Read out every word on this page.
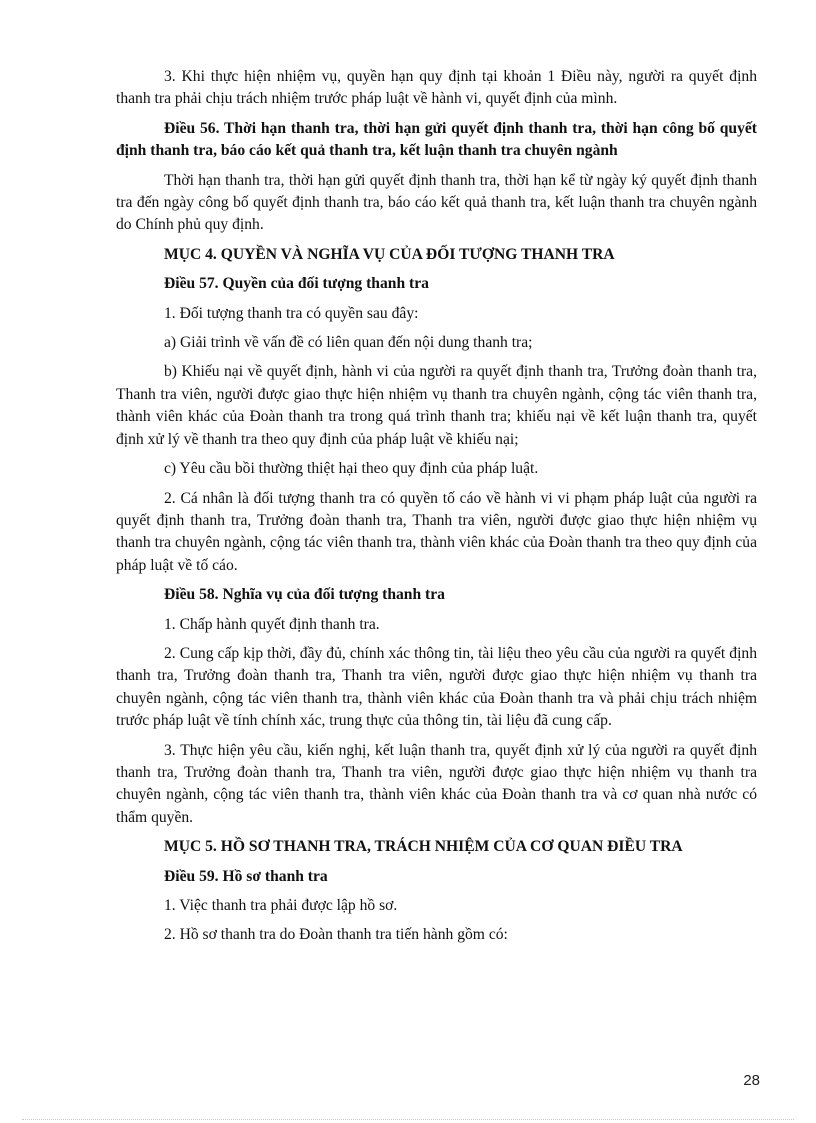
3. Khi thực hiện nhiệm vụ, quyền hạn quy định tại khoản 1 Điều này, người ra quyết định thanh tra phải chịu trách nhiệm trước pháp luật về hành vi, quyết định của mình.

Điều 56. Thời hạn thanh tra, thời hạn gửi quyết định thanh tra, thời hạn công bố quyết định thanh tra, báo cáo kết quả thanh tra, kết luận thanh tra chuyên ngành

Thời hạn thanh tra, thời hạn gửi quyết định thanh tra, thời hạn kể từ ngày ký quyết định thanh tra đến ngày công bố quyết định thanh tra, báo cáo kết quả thanh tra, kết luận thanh tra chuyên ngành do Chính phủ quy định.

MỤC 4. QUYỀN VÀ NGHĨA VỤ CỦA ĐỐI TƯỢNG THANH TRA

Điều 57. Quyền của đối tượng thanh tra

1. Đối tượng thanh tra có quyền sau đây:

a) Giải trình về vấn đề có liên quan đến nội dung thanh tra;

b) Khiếu nại về quyết định, hành vi của người ra quyết định thanh tra, Trưởng đoàn thanh tra, Thanh tra viên, người được giao thực hiện nhiệm vụ thanh tra chuyên ngành, cộng tác viên thanh tra, thành viên khác của Đoàn thanh tra trong quá trình thanh tra; khiếu nại về kết luận thanh tra, quyết định xử lý về thanh tra theo quy định của pháp luật về khiếu nại;

c) Yêu cầu bồi thường thiệt hại theo quy định của pháp luật.

2. Cá nhân là đối tượng thanh tra có quyền tố cáo về hành vi vi phạm pháp luật của người ra quyết định thanh tra, Trưởng đoàn thanh tra, Thanh tra viên, người được giao thực hiện nhiệm vụ thanh tra chuyên ngành, cộng tác viên thanh tra, thành viên khác của Đoàn thanh tra theo quy định của pháp luật về tố cáo.

Điều 58. Nghĩa vụ của đối tượng thanh tra

1. Chấp hành quyết định thanh tra.

2. Cung cấp kịp thời, đầy đủ, chính xác thông tin, tài liệu theo yêu cầu của người ra quyết định thanh tra, Trưởng đoàn thanh tra, Thanh tra viên, người được giao thực hiện nhiệm vụ thanh tra chuyên ngành, cộng tác viên thanh tra, thành viên khác của Đoàn thanh tra và phải chịu trách nhiệm trước pháp luật về tính chính xác, trung thực của thông tin, tài liệu đã cung cấp.

3. Thực hiện yêu cầu, kiến nghị, kết luận thanh tra, quyết định xử lý của người ra quyết định thanh tra, Trưởng đoàn thanh tra, Thanh tra viên, người được giao thực hiện nhiệm vụ thanh tra chuyên ngành, cộng tác viên thanh tra, thành viên khác của Đoàn thanh tra và cơ quan nhà nước có thẩm quyền.

MỤC 5. HỒ SƠ THANH TRA, TRÁCH NHIỆM CỦA CƠ QUAN ĐIỀU TRA

Điều 59. Hồ sơ thanh tra

1. Việc thanh tra phải được lập hồ sơ.

2. Hồ sơ thanh tra do Đoàn thanh tra tiến hành gồm có:

28
